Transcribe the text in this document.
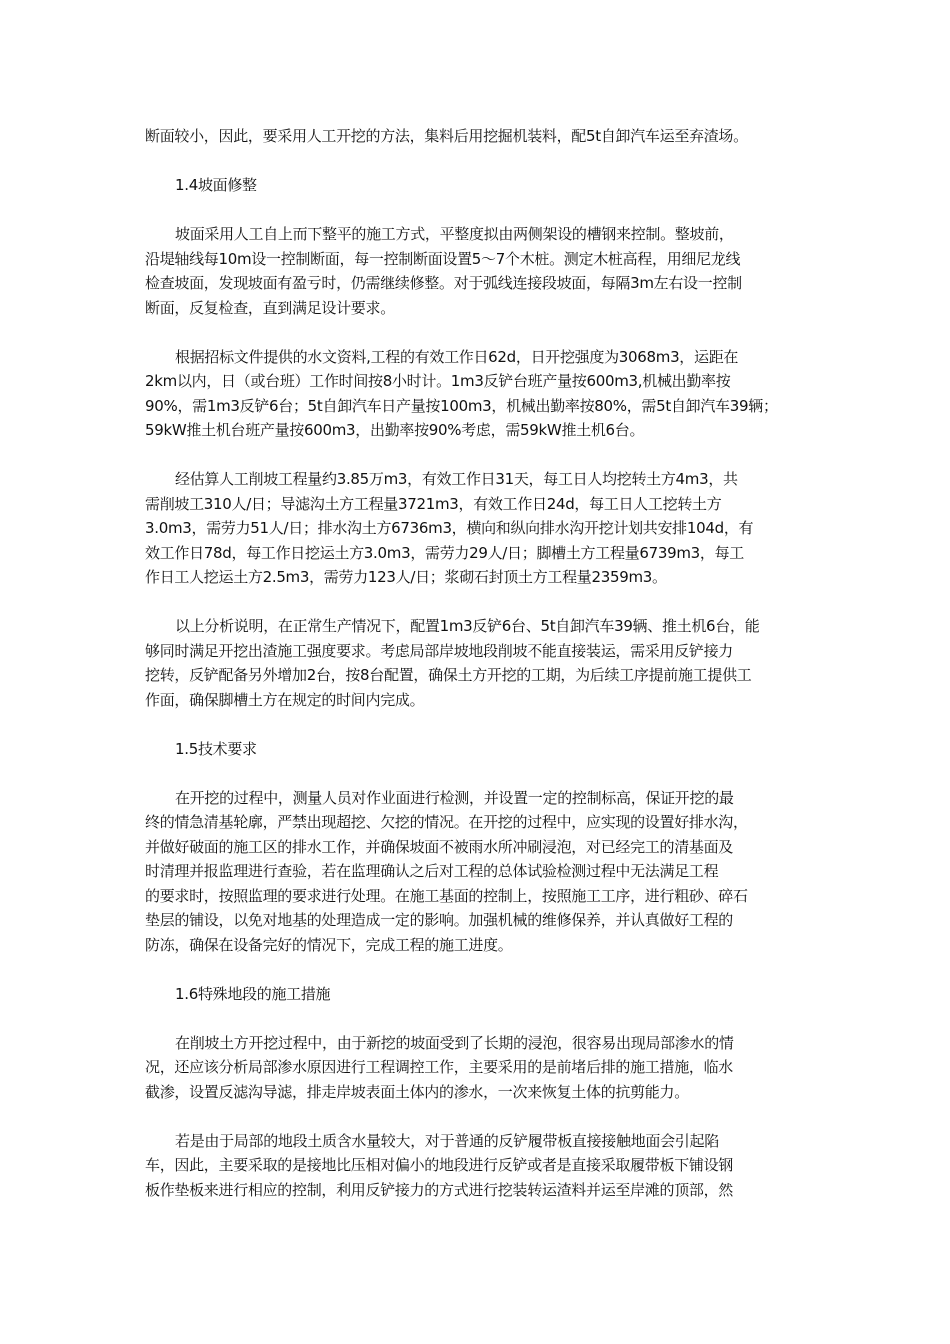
断面较小，因此，要采用人工开挖的方法，集料后用挖掘机装料，配5t自卸汽车运至弃渣场。
1.4坡面修整
坡面采用人工自上而下整平的施工方式，平整度拟由两侧架设的槽钢来控制。整坡前，
沿堤轴线每10m设一控制断面，每一控制断面设置5～7个木桩。测定木桩高程，用细尼龙线
检查坡面，发现坡面有盈亏时，仍需继续修整。对于弧线连接段坡面，每隔3m左右设一控制
断面，反复检查，直到满足设计要求。
根据招标文件提供的水文资料,工程的有效工作日62d，日开挖强度为3068m3，运距在
2km以内，日（或台班）工作时间按8小时计。1m3反铲台班产量按600m3,机械出勤率按
90%，需1m3反铲6台；5t自卸汽车日产量按100m3，机械出勤率按80%，需5t自卸汽车39辆；
59kW推土机台班产量按600m3，出勤率按90%考虑，需59kW推土机6台。
经估算人工削坡工程量约3.85万m3，有效工作日31天，每工日人均挖转土方4m3，共
需削坡工310人/日；导滤沟土方工程量3721m3，有效工作日24d，每工日人工挖转土方
3.0m3，需劳力51人/日；排水沟土方6736m3，横向和纵向排水沟开挖计划共安排104d，有
效工作日78d，每工作日挖运土方3.0m3，需劳力29人/日；脚槽土方工程量6739m3，每工
作日工人挖运土方2.5m3，需劳力123人/日；浆砌石封顶土方工程量2359m3。
以上分析说明，在正常生产情况下，配置1m3反铲6台、5t自卸汽车39辆、推土机6台，能
够同时满足开挖出渣施工强度要求。考虑局部岸坡地段削坡不能直接装运，需采用反铲接力
挖转，反铲配备另外增加2台，按8台配置，确保土方开挖的工期，为后续工序提前施工提供工
作面，确保脚槽土方在规定的时间内完成。
1.5技术要求
在开挖的过程中，测量人员对作业面进行检测，并设置一定的控制标高，保证开挖的最
终的情急清基轮廓，严禁出现超挖、欠挖的情况。在开挖的过程中，应实现的设置好排水沟，
并做好破面的施工区的排水工作，并确保坡面不被雨水所冲刷浸泡，对已经完工的清基面及
时清理并报监理进行查验，若在监理确认之后对工程的总体试验检测过程中无法满足工程
的要求时，按照监理的要求进行处理。在施工基面的控制上，按照施工工序，进行粗砂、碎石
垫层的铺设，以免对地基的处理造成一定的影响。加强机械的维修保养，并认真做好工程的
防冻，确保在设备完好的情况下，完成工程的施工进度。
1.6特殊地段的施工措施
在削坡土方开挖过程中，由于新挖的坡面受到了长期的浸泡，很容易出现局部渗水的情
况，还应该分析局部渗水原因进行工程调控工作，主要采用的是前堵后排的施工措施，临水
截渗，设置反滤沟导滤，排走岸坡表面土体内的渗水，一次来恢复土体的抗剪能力。
若是由于局部的地段土质含水量较大，对于普通的反铲履带板直接接触地面会引起陷
车，因此，主要采取的是接地比压相对偏小的地段进行反铲或者是直接采取履带板下铺设钢
板作垫板来进行相应的控制，利用反铲接力的方式进行挖装转运渣料并运至岸滩的顶部，然
